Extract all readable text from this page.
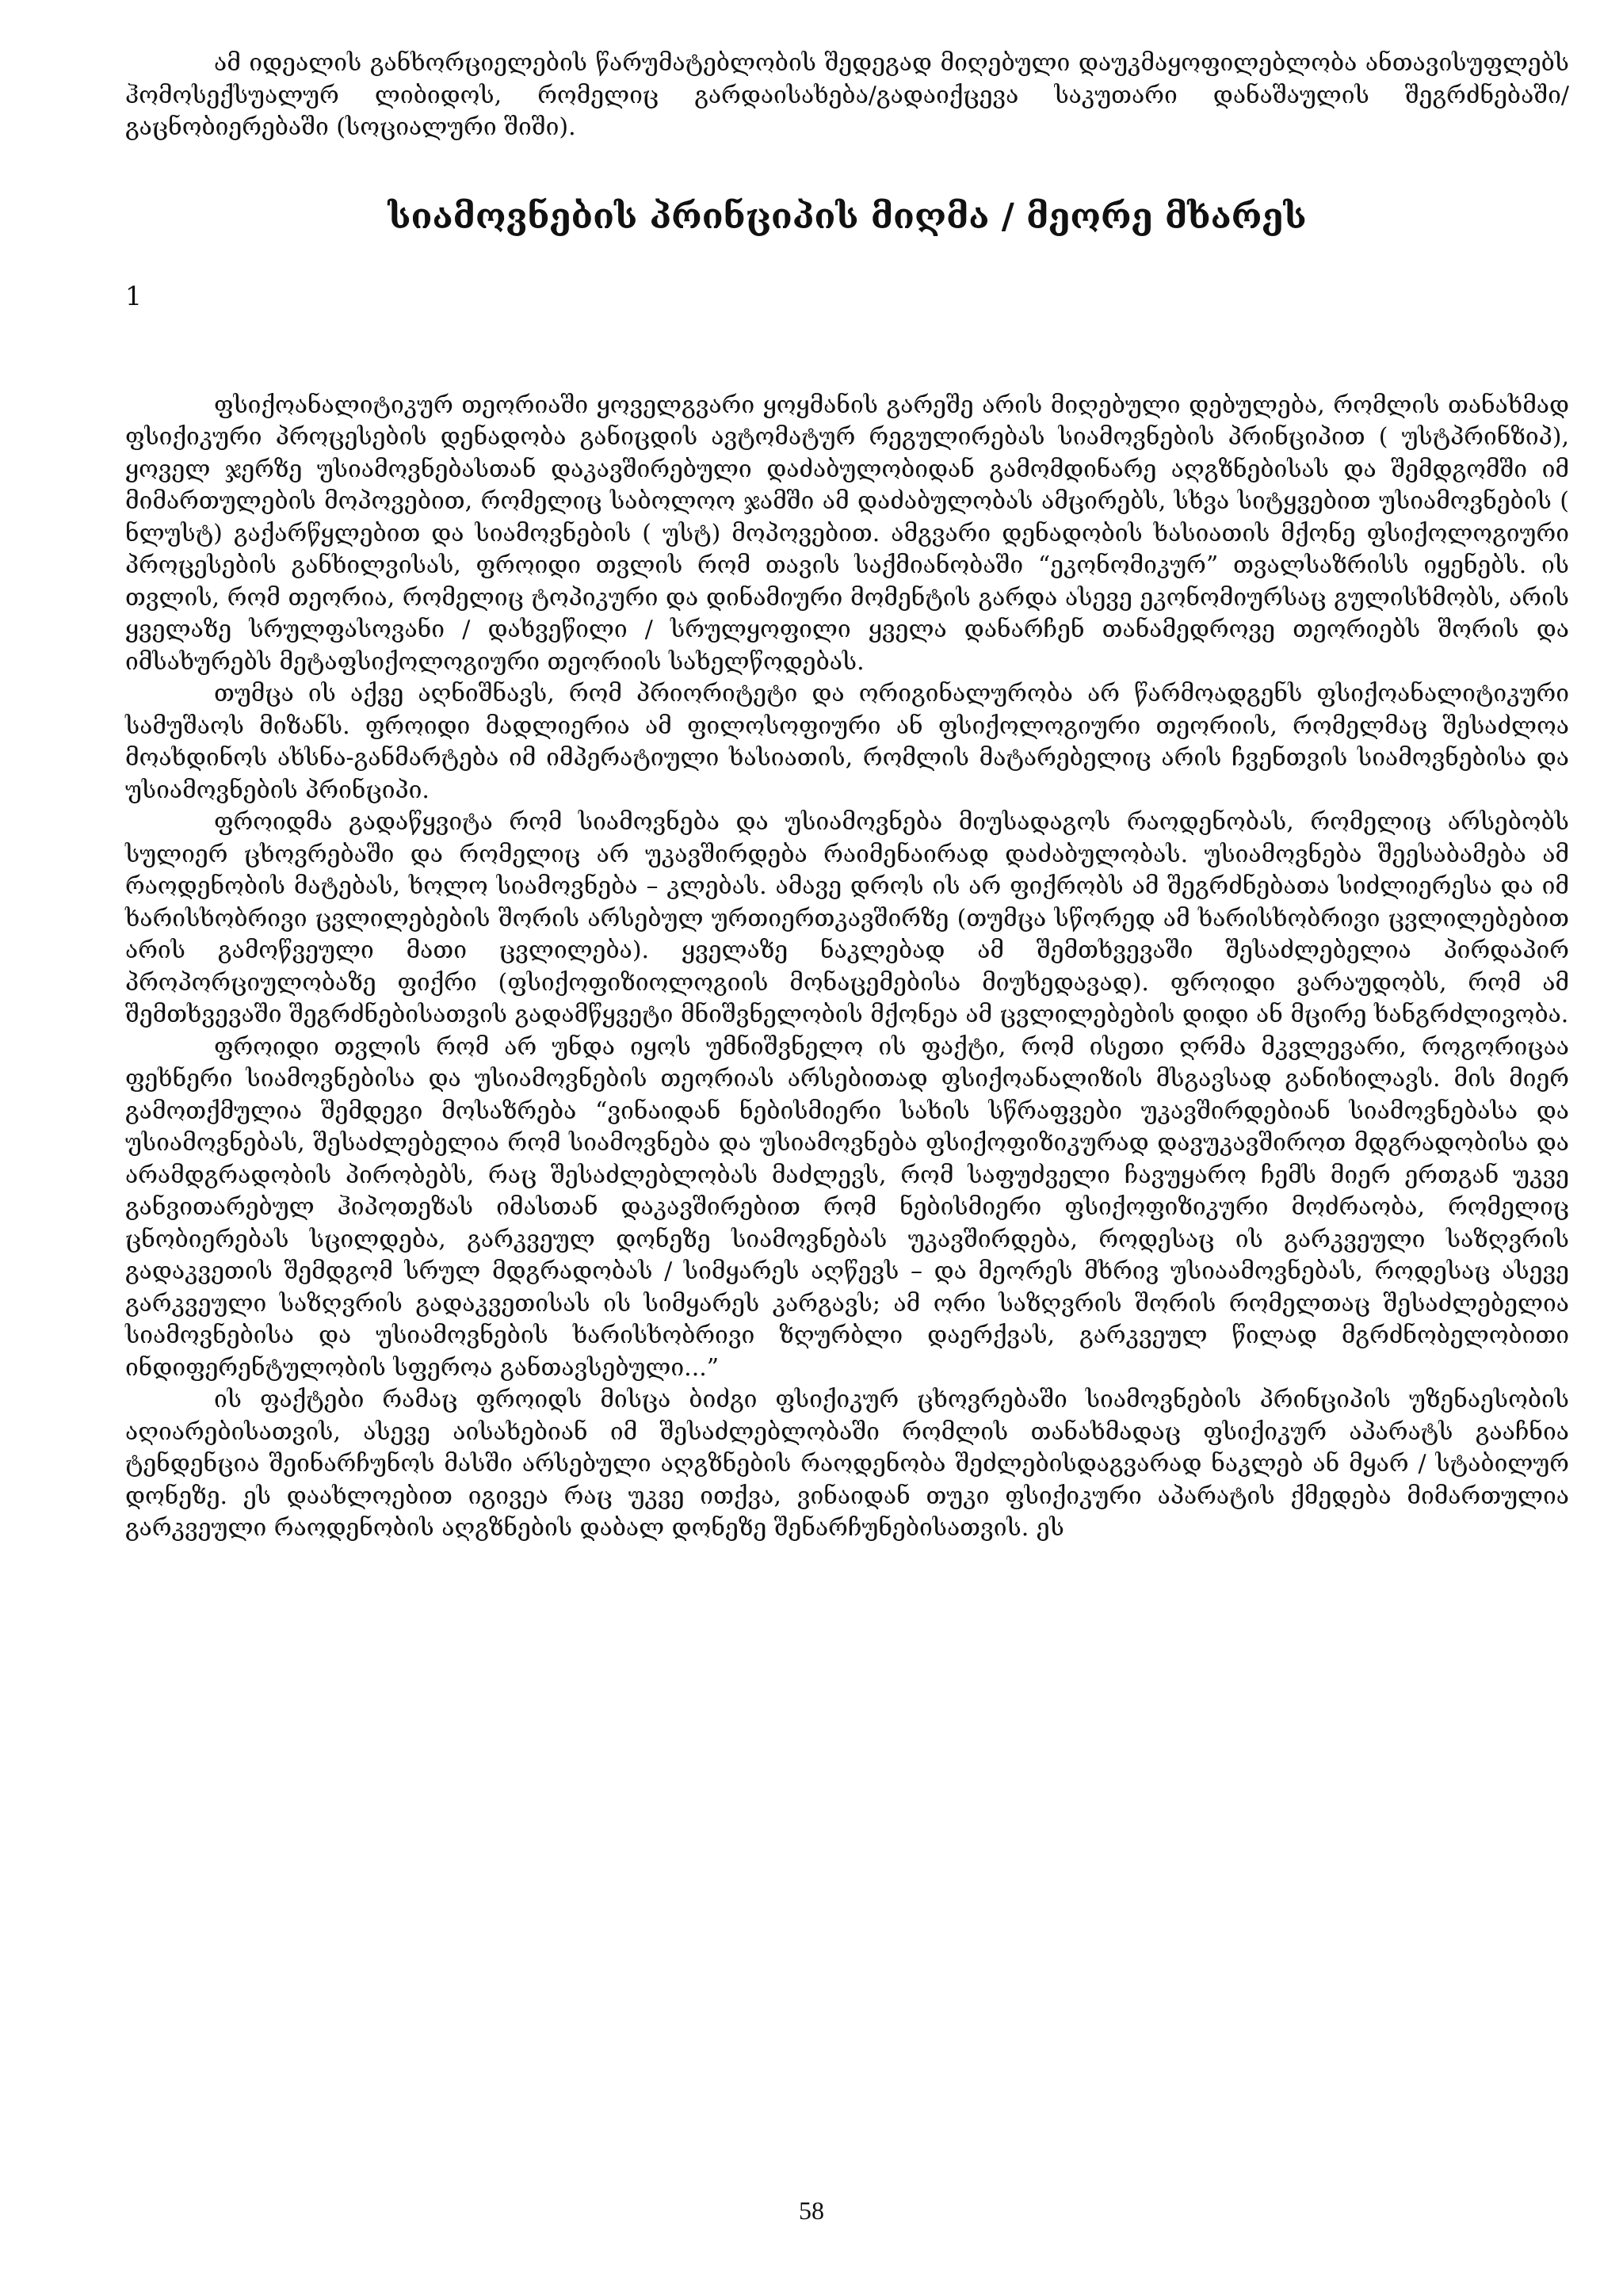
ამ იდეალის განხორციელების წარუმატებლობის შედეგად მიღებული დაუკმაყოფილებლობა ანთავისუფლებს ჰომოსექსუალურ ლიბიდოს, რომელიც გარდაისახება/გადაიქცევა საკუთარი დანაშაულის შეგრძნებაში/გაცნობიერებაში (სოციალური შიში).

სიამოვნების პრინციპის მიღმა / მეორე მხარეს
1

ფსიქოანალიტიკურ თეორიაში ყოველგვარი ყოყმანის გარეშე არის მიღებული დებულება, რომლის თანახმად ფსიქიკური პროცესების დენადობა განიცდის ავტომატურ რეგულირებას სიამოვნების პრინციპით ( უსტპრინზიპ), ყოველ ჯერზე უსიამოვნებასთან დაკავშირებული დაძაბულობიდან გამომდინარე აღგზნებისას და შემდგომში იმ მიმართულების მოპოვებით, რომელიც საბოლოო ჯამში ამ დაძაბულობას ამცირებს, სხვა სიტყვებით უსიამოვნების ( ნლუსტ) გაქარწყლებით და სიამოვნების ( უსტ) მოპოვებით. ამგვარი დენადობის ხასიათის მქონე ფსიქოლოგიური პროცესების განხილვისას, ფროიდი თვლის რომ თავის საქმიანობაში “ეკონომიკურ” თვალსაზრისს იყენებს. ის თვლის, რომ თეორია, რომელიც ტოპიკური და დინამიური მომენტის გარდა ასევე ეკონომიურსაც გულისხმობს, არის ყველაზე სრულფასოვანი / დახვეწილი / სრულყოფილი ყველა დანარჩენ თანამედროვე თეორიებს შორის და იმსახურებს მეტაფსიქოლოგიური თეორიის სახელწოდებას.

თუმცა ის აქვე აღნიშნავს, რომ პრიორიტეტი და ორიგინალურობა არ წარმოადგენს ფსიქოანალიტიკური სამუშაოს მიზანს. ფროიდი მადლიერია ამ ფილოსოფიური ან ფსიქოლოგიური თეორიის, რომელმაც შესაძლოა მოახდინოს ახსნა-განმარტება იმ იმპერატიული ხასიათის, რომლის მატარებელიც არის ჩვენთვის სიამოვნებისა და უსიამოვნების პრინციპი.

ფროიდმა გადაწყვიტა რომ სიამოვნება და უსიამოვნება მიუსადაგოს რაოდენობას, რომელიც არსებობს სულიერ ცხოვრებაში და რომელიც არ უკავშირდება რაიმენაირად დაძაბულობას. უსიამოვნება შეესაბამება ამ რაოდენობის მატებას, ხოლო სიამოვნება – კლებას. ამავე დროს ის არ ფიქრობს ამ შეგრძნებათა სიძლიერესა და იმ ხარისხობრივი ცვლილებების შორის არსებულ ურთიერთკავშირზე (თუმცა სწორედ ამ ხარისხობრივი ცვლილებებით არის გამოწვეული მათი ცვლილება). ყველაზე ნაკლებად ამ შემთხვევაში შესაძლებელია პირდაპირ პროპორციულობაზე ფიქრი (ფსიქოფიზიოლოგიის მონაცემებისა მიუხედავად). ფროიდი ვარაუდობს, რომ ამ შემთხვევაში შეგრძნებისათვის გადამწყვეტი მნიშვნელობის მქონეა ამ ცვლილებების დიდი ან მცირე ხანგრძლივობა.

ფროიდი თვლის რომ არ უნდა იყოს უმნიშვნელო ის ფაქტი, რომ ისეთი ღრმა მკვლევარი, როგორიცაა ფეხნერი სიამოვნებისა და უსიამოვნების თეორიას არსებითად ფსიქოანალიზის მსგავსად განიხილავს. მის მიერ გამოთქმულია შემდეგი მოსაზრება “ვინაიდან ნებისმიერი სახის სწრაფვები უკავშირდებიან სიამოვნებასა და უსიამოვნებას, შესაძლებელია რომ სიამოვნება და უსიამოვნება ფსიქოფიზიკურად დავუკავშიროთ მდგრადობისა და არამდგრადობის პირობებს, რაც შესაძლებლობას მაძლევს, რომ საფუძველი ჩავუყარო ჩემს მიერ ერთგან უკვე განვითარებულ ჰიპოთეზას იმასთან დაკავშირებით რომ ნებისმიერი ფსიქოფიზიკური მოძრაობა, რომელიც ცნობიერებას სცილდება, გარკვეულ დონეზე სიამოვნებას უკავშირდება, როდესაც ის გარკვეული საზღვრის გადაკვეთის შემდგომ სრულ მდგრადობას / სიმყარეს აღწევს – და მეორეს მხრივ უსიაამოვნებას, როდესაც ასევე გარკვეული საზღვრის გადაკვეთისას ის სიმყარეს კარგავს; ამ ორი საზღვრის შორის რომელთაც შესაძლებელია სიამოვნებისა და უსიამოვნების ხარისხობრივი ზღურბლი დაერქვას, გარკვეულ წილად მგრძნობელობითი ინდიფერენტულობის სფეროა განთავსებული...”

ის ფაქტები რამაც ფროიდს მისცა ბიძგი ფსიქიკურ ცხოვრებაში სიამოვნების პრინციპის უზენაესობის აღიარებისათვის, ასევე აისახებიან იმ შესაძლებლობაში რომლის თანახმადაც ფსიქიკურ აპარატს გააჩნია ტენდენცია შეინარჩუნოს მასში არსებული აღგზნების რაოდენობა შეძლებისდაგვარად ნაკლებ ან მყარ / სტაბილურ დონეზე. ეს დაახლოებით იგივეა რაც უკვე ითქვა, ვინაიდან თუკი ფსიქიკური აპარატის ქმედება მიმართულია გარკვეული რაოდენობის აღგზნების დაბალ დონეზე შენარჩუნებისათვის. ეს

58
